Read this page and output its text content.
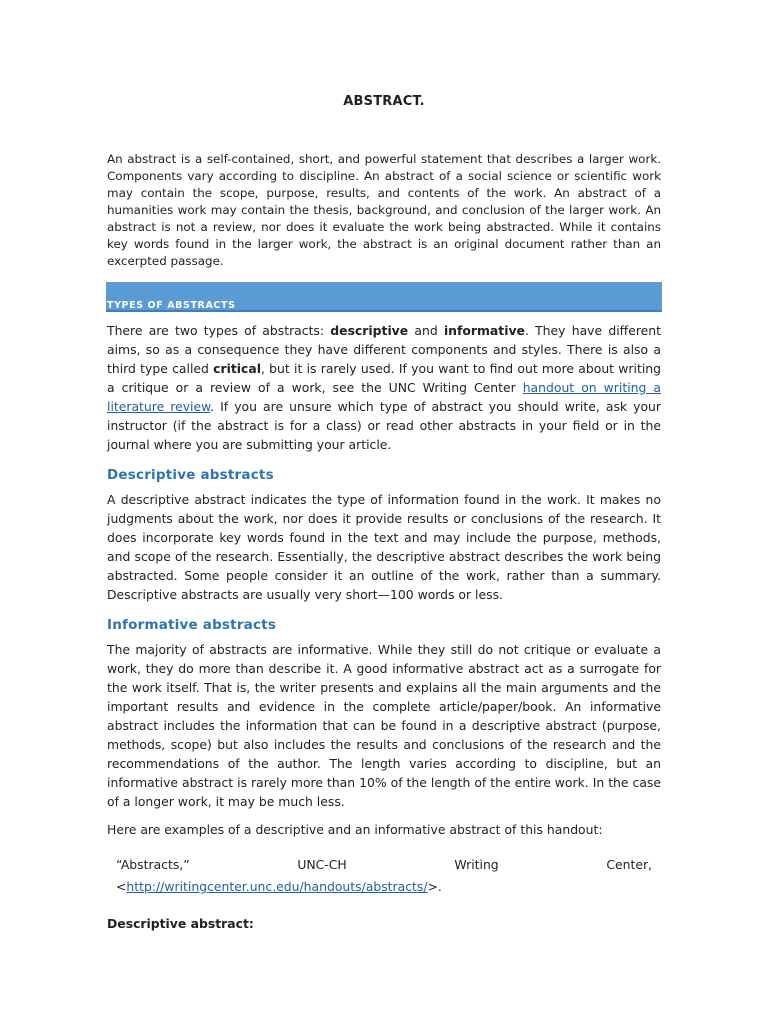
ABSTRACT.

An abstract is a self-contained, short, and powerful statement that describes a larger work. Components vary according to discipline. An abstract of a social science or scientific work may contain the scope, purpose, results, and contents of the work. An abstract of a humanities work may contain the thesis, background, and conclusion of the larger work. An abstract is not a review, nor does it evaluate the work being abstracted. While it contains key words found in the larger work, the abstract is an original document rather than an excerpted passage.

TYPES OF ABSTRACTS

There are two types of abstracts: descriptive and informative. They have different aims, so as a consequence they have different components and styles. There is also a third type called critical, but it is rarely used. If you want to find out more about writing a critique or a review of a work, see the UNC Writing Center handout on writing a literature review. If you are unsure which type of abstract you should write, ask your instructor (if the abstract is for a class) or read other abstracts in your field or in the journal where you are submitting your article.

Descriptive abstracts

A descriptive abstract indicates the type of information found in the work. It makes no judgments about the work, nor does it provide results or conclusions of the research. It does incorporate key words found in the text and may include the purpose, methods, and scope of the research. Essentially, the descriptive abstract describes the work being abstracted. Some people consider it an outline of the work, rather than a summary. Descriptive abstracts are usually very short—100 words or less.

Informative abstracts

The majority of abstracts are informative. While they still do not critique or evaluate a work, they do more than describe it. A good informative abstract act as a surrogate for the work itself. That is, the writer presents and explains all the main arguments and the important results and evidence in the complete article/paper/book. An informative abstract includes the information that can be found in a descriptive abstract (purpose, methods, scope) but also includes the results and conclusions of the research and the recommendations of the author. The length varies according to discipline, but an informative abstract is rarely more than 10% of the length of the entire work. In the case of a longer work, it may be much less.

Here are examples of a descriptive and an informative abstract of this handout:

“Abstracts,” UNC-CH Writing Center,
<http://writingcenter.unc.edu/handouts/abstracts/>.
Descriptive abstract:
